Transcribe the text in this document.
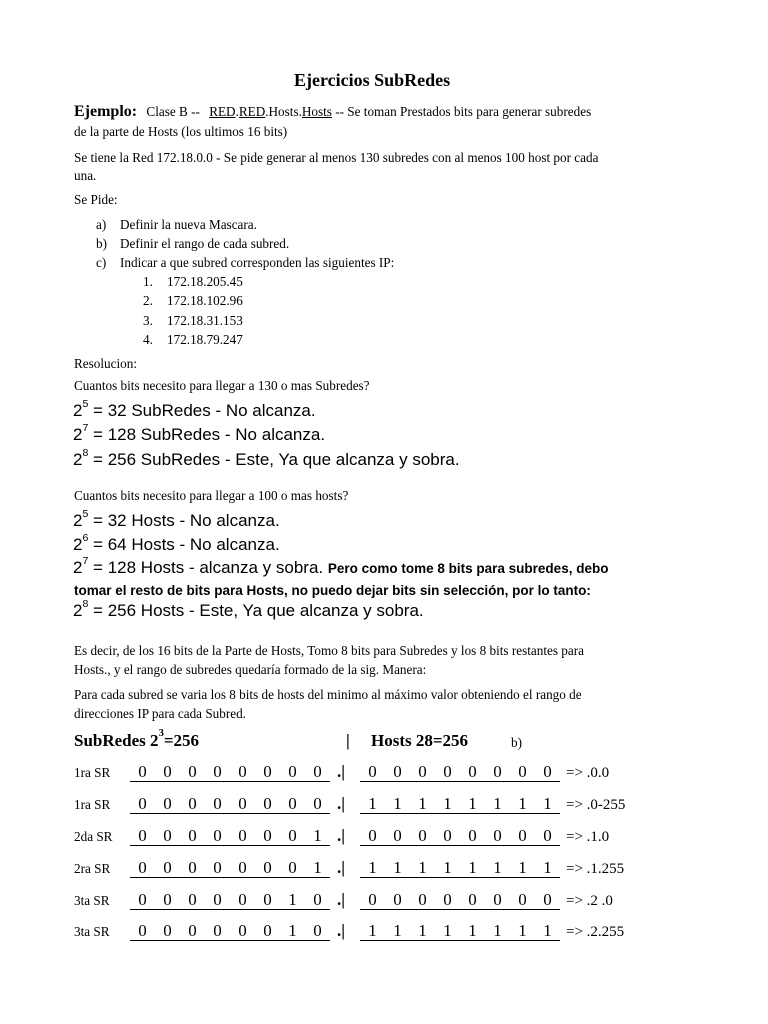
Ejercicios SubRedes
Ejemplo: Clase B -- RED.RED.Hosts.Hosts -- Se toman Prestados bits para generar subredes
de la parte de Hosts (los ultimos 16 bits)
Se tiene la Red 172.18.0.0 - Se pide generar al menos 130 subredes con al menos 100 host por cada
una.
Se Pide:
a) Definir la nueva Mascara.
b) Definir el rango de cada subred.
c) Indicar a que subred corresponden las siguientes IP:
1. 172.18.205.45
2. 172.18.102.96
3. 172.18.31.153
4. 172.18.79.247
Resolucion:
Cuantos bits necesito para llegar a 130 o mas Subredes?
$2^5 = 32$ SubRedes - No alcanza.
$2^7 = 128$ SubRedes - No alcanza.
$2^8 = 256$ SubRedes - Este, Ya que alcanza y sobra.
Cuantos bits necesito para llegar a 100 o mas hosts?
$2^5 = 32$ Hosts - No alcanza.
$2^6 = 64$ Hosts - No alcanza.
$2^7 = 128$ Hosts - alcanza y sobra. Pero como tome 8 bits para subredes, debo
tomar el resto de bits para Hosts, no puedo dejar bits sin selección, por lo tanto:
$2^8 = 256$ Hosts - Este, Ya que alcanza y sobra.
Es decir, de los 16 bits de la Parte de Hosts, Tomo 8 bits para Subredes y los 8 bits restantes para
Hosts., y el rango de subredes quedaría formado de la sig. Manera:
Para cada subred se varia los 8 bits de hosts del minimo al máximo valor obteniendo el rango de
direcciones IP para cada Subred.
SubRedes $2^3=256$	| Hosts 28=256	b)
1ra SR 0 0 0 0 0 0 0 0 .| 0 0 0 0 0 0 0 0 => .0.0
1ra SR 0 0 0 0 0 0 0 0 .| 1 1 1 1 1 1 1 1 => .0-255
2da SR 0 0 0 0 0 0 0 1 .| 0 0 0 0 0 0 0 0 => .1.0
2ra SR 0 0 0 0 0 0 0 1 .| 1 1 1 1 1 1 1 1 => .1.255
3ta SR 0 0 0 0 0 0 1 0 .| 0 0 0 0 0 0 0 0 => .2 .0
3ta SR 0 0 0 0 0 0 1 0 .| 1 1 1 1 1 1 1 1 => .2.255
